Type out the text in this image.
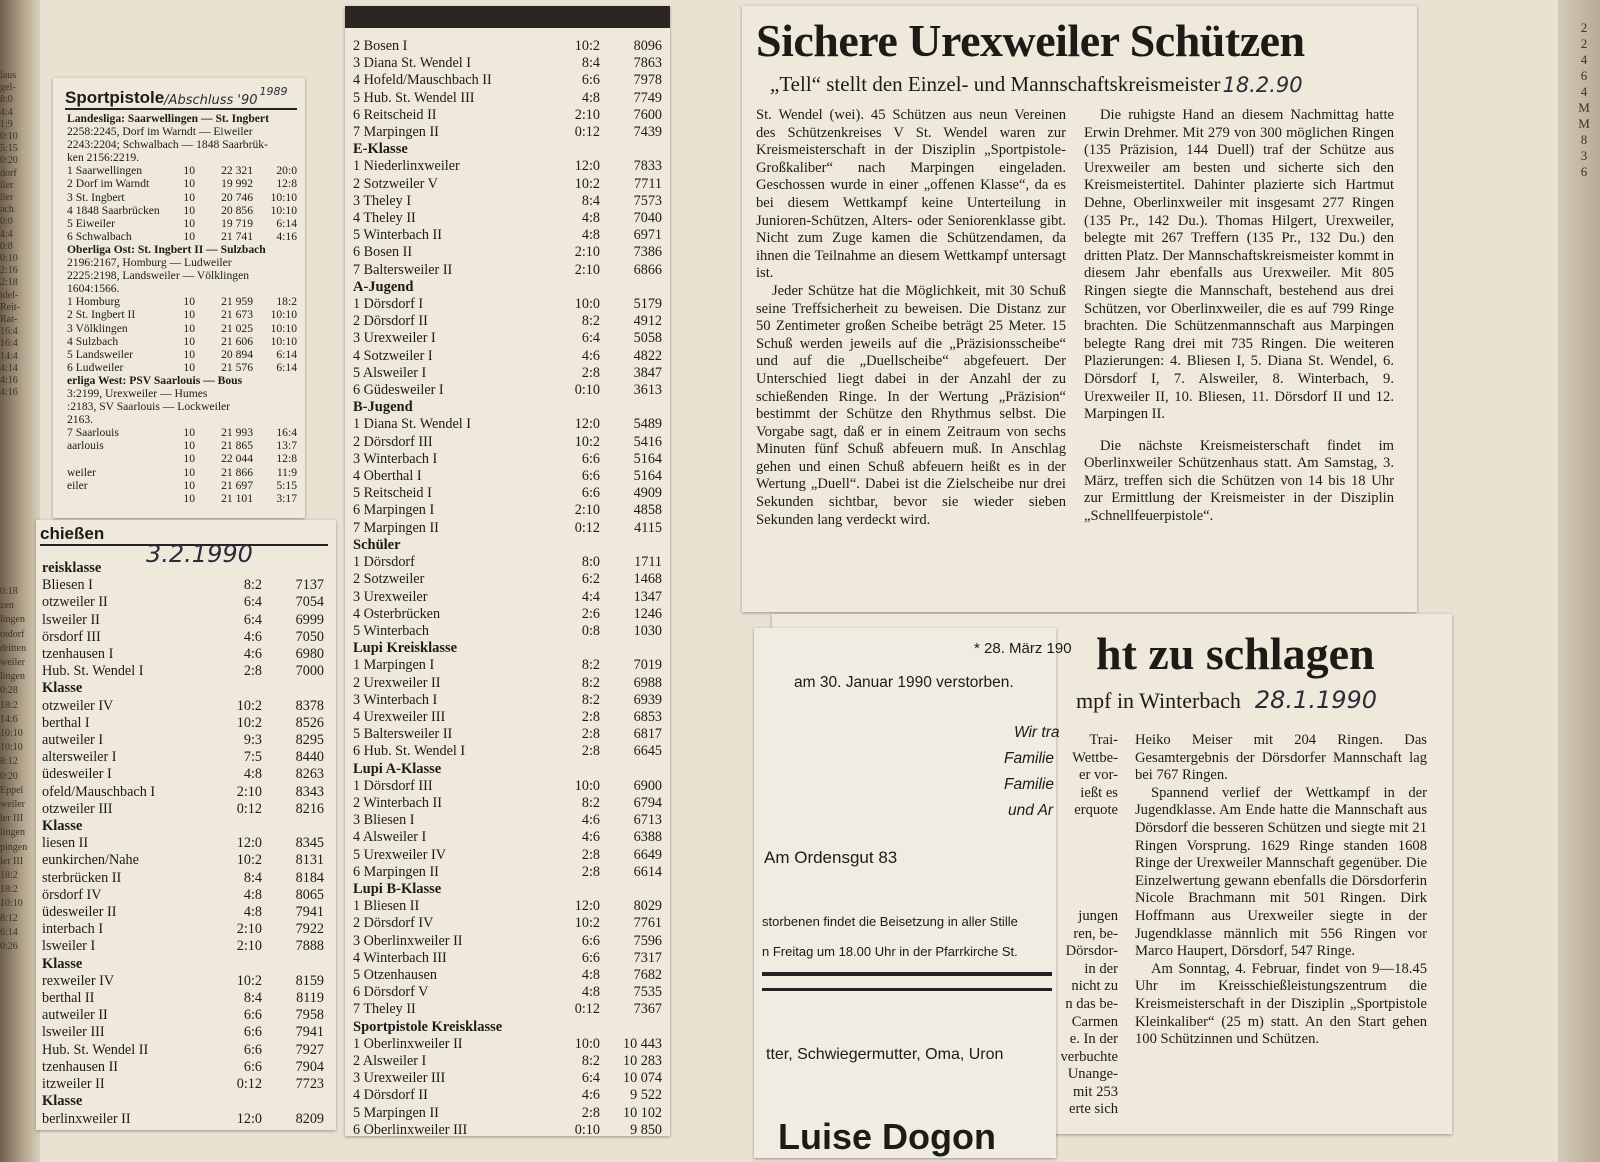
laus
gel-
8:0
4:4
1:9
0:10
5:15
0:20
dorf
iler
iler
ach
0:0
4:4
0:8
0:10
2:16
2:18
idel-
Reit-
Rat-
16:4
16:4
14:4
4:14
4:16
4:16
0:18
zen
lingen
otdorf
dritten
weiler
lingen
0:28
18:2
14:6
10:10
10:10
8:12
0:20
Eppel
weiler
ler III
lingen
pingen
ler III
18:2
18:2
10:10
8:12
6:14
0:26
2
2
4
6
4
M
M
8
3
6
Sportpistole /Abschluss '90
1989
Landesliga: Saarwellingen — St. Ingbert
2258:2245, Dorf im Warndt — Eiweiler
2243:2204; Schwalbach — 1848 Saarbrük-
ken 2156:2219.
1 Saarwellingen	10	22 321	20:0
2 Dorf im Warndt	10	19 992	12:8
3 St. Ingbert	10	20 746	10:10
4 1848 Saarbrücken	10	20 856	10:10
5 Eiweiler	10	19 719	6:14
6 Schwalbach	10	21 741	4:16
Oberliga Ost: St. Ingbert II — Sulzbach
2196:2167, Homburg — Ludweiler
2225:2198, Landsweiler — Völklingen
1604:1566.
1 Homburg	10	21 959	18:2
2 St. Ingbert II	10	21 673	10:10
3 Völklingen	10	21 025	10:10
4 Sulzbach	10	21 606	10:10
5 Landsweiler	10	20 894	6:14
6 Ludweiler	10	21 576	6:14
erliga West: PSV Saarlouis — Bous
3:2199, Urexweiler — Humes
:2183, SV Saarlouis — Lockweiler
2163.
7 Saarlouis	10	21 993	16:4
aarlouis	10	21 865	13:7
10	22 044	12:8
weiler	10	21 866	11:9
eiler	10	21 697	5:15
10	21 101	3:17
chießen
3.2.1990
reisklasse
Bliesen I	8:2	7137
otzweiler II	6:4	7054
lsweiler II	6:4	6999
örsdorf III	4:6	7050
tzenhausen I	4:6	6980
Hub. St. Wendel I	2:8	7000
Klasse
otzweiler IV	10:2	8378
berthal I	10:2	8526
autweiler I	9:3	8295
altersweiler I	7:5	8440
üdesweiler I	4:8	8263
ofeld/Mauschbach I	2:10	8343
otzweiler III	0:12	8216
Klasse
liesen II	12:0	8345
eunkirchen/Nahe	10:2	8131
sterbrücken II	8:4	8184
örsdorf IV	4:8	8065
üdesweiler II	4:8	7941
interbach I	2:10	7922
lsweiler I	2:10	7888
Klasse
rexweiler IV	10:2	8159
berthal II	8:4	8119
autweiler II	6:6	7958
lsweiler III	6:6	7941
Hub. St. Wendel II	6:6	7927
tzenhausen II	6:6	7904
itzweiler II	0:12	7723
Klasse
berlinxweiler II	12:0	8209
2 Bosen I	10:2	8096
3 Diana St. Wendel I	8:4	7863
4 Hofeld/Mauschbach II	6:6	7978
5 Hub. St. Wendel III	4:8	7749
6 Reitscheid II	2:10	7600
7 Marpingen II	0:12	7439
E-Klasse
1 Niederlinxweiler	12:0	7833
2 Sotzweiler V	10:2	7711
3 Theley I	8:4	7573
4 Theley II	4:8	7040
5 Winterbach II	4:8	6971
6 Bosen II	2:10	7386
7 Baltersweiler II	2:10	6866
A-Jugend
1 Dörsdorf I	10:0	5179
2 Dörsdorf II	8:2	4912
3 Urexweiler I	6:4	5058
4 Sotzweiler I	4:6	4822
5 Alsweiler I	2:8	3847
6 Güdesweiler I	0:10	3613
B-Jugend
1 Diana St. Wendel I	12:0	5489
2 Dörsdorf III	10:2	5416
3 Winterbach I	6:6	5164
4 Oberthal I	6:6	5164
5 Reitscheid I	6:6	4909
6 Marpingen I	2:10	4858
7 Marpingen II	0:12	4115
Schüler
1 Dörsdorf	8:0	1711
2 Sotzweiler	6:2	1468
3 Urexweiler	4:4	1347
4 Osterbrücken	2:6	1246
5 Winterbach	0:8	1030
Lupi Kreisklasse
1 Marpingen I	8:2	7019
2 Urexweiler II	8:2	6988
3 Winterbach I	8:2	6939
4 Urexweiler III	2:8	6853
5 Baltersweiler II	2:8	6817
6 Hub. St. Wendel I	2:8	6645
Lupi A-Klasse
1 Dörsdorf III	10:0	6900
2 Winterbach II	8:2	6794
3 Bliesen I	4:6	6713
4 Alsweiler I	4:6	6388
5 Urexweiler IV	2:8	6649
6 Marpingen II	2:8	6614
Lupi B-Klasse
1 Bliesen II	12:0	8029
2 Dörsdorf IV	10:2	7761
3 Oberlinxweiler II	6:6	7596
4 Winterbach III	6:6	7317
5 Otzenhausen	4:8	7682
6 Dörsdorf V	4:8	7535
7 Theley II	0:12	7367
Sportpistole Kreisklasse
1 Oberlinxweiler II	10:0	10 443
2 Alsweiler I	8:2	10 283
3 Urexweiler III	6:4	10 074
4 Dörsdorf II	4:6	9 522
5 Marpingen II	2:8	10 102
6 Oberlinxweiler III	0:10	9 850
Sichere Urexweiler Schützen
„Tell“ stellt den Einzel- und Mannschaftskreismeister 18.2.90

St. Wendel (wei). 45 Schützen aus neun Vereinen des Schützenkreises V St. Wendel waren zur Kreismeisterschaft in der Disziplin „Sportpistole-Großkaliber“ nach Marpingen eingeladen. Geschossen wurde in einer „offenen Klasse“, da es bei diesem Wettkampf keine Unterteilung in Junioren-Schützen, Alters- oder Seniorenklasse gibt. Nicht zum Zuge kamen die Schützendamen, da ihnen die Teilnahme an diesem Wettkampf untersagt ist.

Jeder Schütze hat die Möglichkeit, mit 30 Schuß seine Treffsicherheit zu beweisen. Die Distanz zur 50 Zentimeter großen Scheibe beträgt 25 Meter. 15 Schuß werden jeweils auf die „Präzisionsscheibe“ und auf die „Duellscheibe“ abgefeuert. Der Unterschied liegt dabei in der Anzahl der zu schießenden Ringe. In der Wertung „Präzision“ bestimmt der Schütze den Rhythmus selbst. Die Vorgabe sagt, daß er in einem Zeitraum von sechs Minuten fünf Schuß abfeuern muß. In Anschlag gehen und einen Schuß abfeuern heißt es in der Wertung „Duell“. Dabei ist die Zielscheibe nur drei Sekunden sichtbar, bevor sie wieder sieben Sekunden lang verdeckt wird.

Die ruhigste Hand an diesem Nachmittag hatte Erwin Drehmer. Mit 279 von 300 möglichen Ringen (135 Präzision, 144 Duell) traf der Schütze aus Urexweiler am besten und sicherte sich den Kreismeistertitel. Dahinter plazierte sich Hartmut Dehne, Oberlinxweiler mit insgesamt 277 Ringen (135 Pr., 142 Du.). Thomas Hilgert, Urexweiler, belegte mit 267 Treffern (135 Pr., 132 Du.) den dritten Platz. Der Mannschaftskreismeister kommt in diesem Jahr ebenfalls aus Urexweiler. Mit 805 Ringen siegte die Mannschaft, bestehend aus drei Schützen, vor Oberlinxweiler, die es auf 799 Ringe brachten. Die Schützenmannschaft aus Marpingen belegte Rang drei mit 735 Ringen. Die weiteren Plazierungen: 4. Bliesen I, 5. Diana St. Wendel, 6. Dörsdorf I, 7. Alsweiler, 8. Winterbach, 9. Urexweiler II, 10. Bliesen, 11. Dörsdorf II und 12. Marpingen II.

Die nächste Kreismeisterschaft findet im Oberlinxweiler Schützenhaus statt. Am Samstag, 3. März, treffen sich die Schützen von 14 bis 18 Uhr zur Ermittlung der Kreismeister in der Disziplin „Schnellfeuerpistole“.

ht zu schlagen
mpf in Winterbach 28.1.1990
Trai-
Wettbe-
er vor-
ießt es
erquote
jungen
ren, be-
Dörsdor-
in der
nicht zu
n das be-
Carmen
e. In der
verbuchte
Unange-
mit 253
erte sich

Heiko Meiser mit 204 Ringen. Das Gesamtergebnis der Dörsdorfer Mannschaft lag bei 767 Ringen.

Spannend verlief der Wettkampf in der Jugendklasse. Am Ende hatte die Mannschaft aus Dörsdorf die besseren Schützen und siegte mit 21 Ringen Vorsprung. 1629 Ringe standen 1608 Ringe der Urexweiler Mannschaft gegenüber. Die Einzelwertung gewann ebenfalls die Dörsdorferin Nicole Brachmann mit 501 Ringen. Dirk Hoffmann aus Urexweiler siegte in der Jugendklasse männlich mit 556 Ringen vor Marco Haupert, Dörsdorf, 547 Ringe.

Am Sonntag, 4. Februar, findet von 9—18.45 Uhr im Kreisschießleistungszentrum die Kreismeisterschaft in der Disziplin „Sportpistole Kleinkaliber“ (25 m) statt. An den Start gehen 100 Schützinnen und Schützen.

* 28. März 190
am 30. Januar 1990 verstorben.
Wir tra
Familie
Familie
und Ar
Am Ordensgut 83
storbenen findet die Beisetzung in aller Stille
n Freitag um 18.00 Uhr in der Pfarrkirche St.
tter, Schwiegermutter, Oma, Uron
Luise Dogon
